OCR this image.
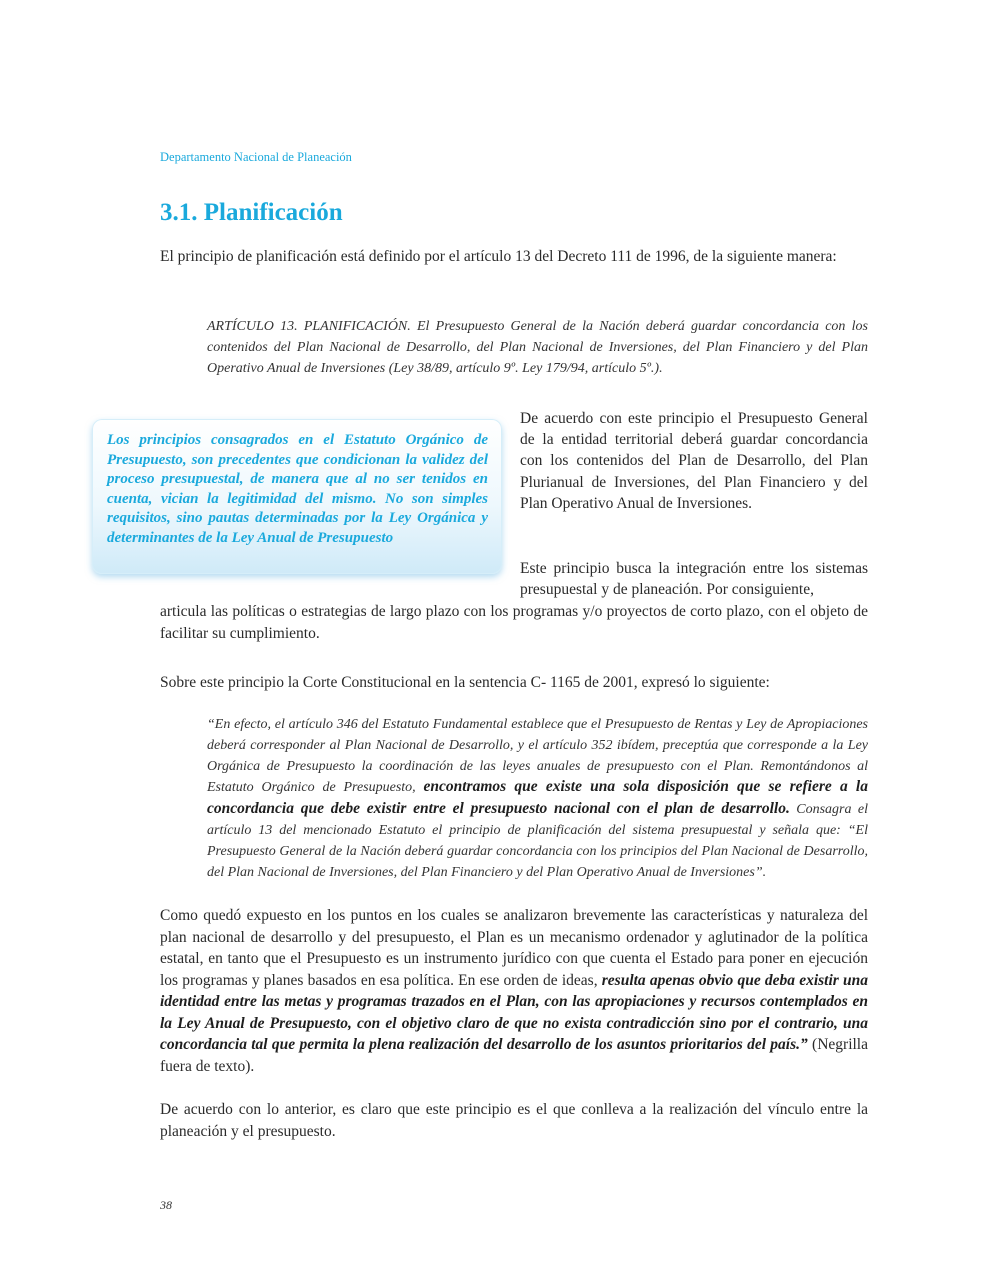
Departamento Nacional de Planeación
3.1. Planificación

El principio de planificación está definido por el artículo 13 del Decreto 111 de 1996, de la siguiente manera:

ARTÍCULO 13. PLANIFICACIÓN. El Presupuesto General de la Nación deberá guardar concordancia con los contenidos del Plan Nacional de Desarrollo, del Plan Nacional de Inversiones, del Plan Financiero y del Plan Operativo Anual de Inversiones (Ley 38/89, artículo 9º. Ley 179/94, artículo 5º.).

Los principios consagrados en el Estatuto Orgánico de Presupuesto, son precedentes que condicionan la validez del proceso presupuestal, de manera que al no ser tenidos en cuenta, vician la legitimidad del mismo. No son simples requisitos, sino pautas determinadas por la Ley Orgánica y determinantes de la Ley Anual de Presupuesto

De acuerdo con este principio el Presupuesto General de la entidad territorial deberá guardar concordancia con los contenidos del Plan de Desarrollo, del Plan Plurianual de Inversiones, del Plan Financiero y del Plan Operativo Anual de Inversiones.

Este principio busca la integración entre los sistemas presupuestal y de planeación. Por consiguiente,

articula las políticas o estrategias de largo plazo con los programas y/o proyectos de corto plazo, con el objeto de facilitar su cumplimiento.

Sobre este principio la Corte Constitucional en la sentencia C- 1165 de 2001, expresó lo siguiente:

“En efecto, el artículo 346 del Estatuto Fundamental establece que el Presupuesto de Rentas y Ley de Apropiaciones deberá corresponder al Plan Nacional de Desarrollo, y el artículo 352 ibídem, preceptúa que corresponde a la Ley Orgánica de Presupuesto la coordinación de las leyes anuales de presupuesto con el Plan. Remontándonos al Estatuto Orgánico de Presupuesto, encontramos que existe una sola disposición que se refiere a la concordancia que debe existir entre el presupuesto nacional con el plan de desarrollo. Consagra el artículo 13 del mencionado Estatuto el principio de planificación del sistema presupuestal y señala que: “El Presupuesto General de la Nación deberá guardar concordancia con los principios del Plan Nacional de Desarrollo, del Plan Nacional de Inversiones, del Plan Financiero y del Plan Operativo Anual de Inversiones”.

Como quedó expuesto en los puntos en los cuales se analizaron brevemente las características y naturaleza del plan nacional de desarrollo y del presupuesto, el Plan es un mecanismo ordenador y aglutinador de la política estatal, en tanto que el Presupuesto es un instrumento jurídico con que cuenta el Estado para poner en ejecución los programas y planes basados en esa política. En ese orden de ideas, resulta apenas obvio que deba existir una identidad entre las metas y programas trazados en el Plan, con las apropiaciones y recursos contemplados en la Ley Anual de Presupuesto, con el objetivo claro de que no exista contradicción sino por el contrario, una concordancia tal que permita la plena realización del desarrollo de los asuntos prioritarios del país.” (Negrilla fuera de texto).

De acuerdo con lo anterior, es claro que este principio es el que conlleva a la realización del vínculo entre la planeación y el presupuesto.

38
